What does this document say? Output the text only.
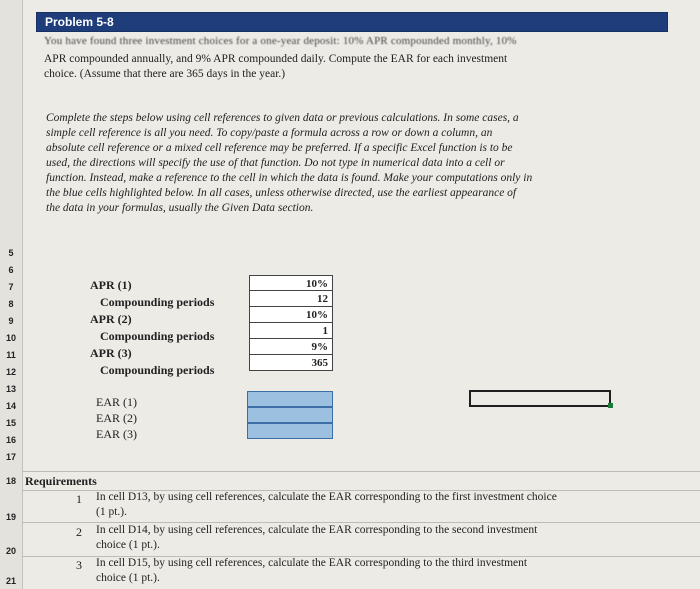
5
6
7
8
9
10
11
12
13
14
15
16
17
18
19
20
21
Problem 5-8
You have found three investment choices for a one-year deposit: 10% APR compounded monthly, 10%
APR compounded annually, and 9% APR compounded daily. Compute the EAR for each investment
choice. (Assume that there are 365 days in the year.)
Complete the steps below using cell references to given data or previous calculations. In some cases, a
simple cell reference is all you need. To copy/paste a formula across a row or down a column, an
absolute cell reference or a mixed cell reference may be preferred. If a specific Excel function is to be
used, the directions will specify the use of that function. Do not type in numerical data into a cell or
function. Instead, make a reference to the cell in which the data is found. Make your computations only in
the blue cells highlighted below. In all cases, unless otherwise directed, use the earliest appearance of
the data in your formulas, usually the Given Data section.
APR (1)
Compounding periods
APR (2)
Compounding periods
APR (3)
Compounding periods
10%
12
10%
1
9%
365
EAR (1)
EAR (2)
EAR (3)
Requirements
1 In cell D13, by using cell references, calculate the EAR corresponding to the first investment choice
(1 pt.).
2 In cell D14, by using cell references, calculate the EAR corresponding to the second investment
choice (1 pt.).
3 In cell D15, by using cell references, calculate the EAR corresponding to the third investment
choice (1 pt.).
